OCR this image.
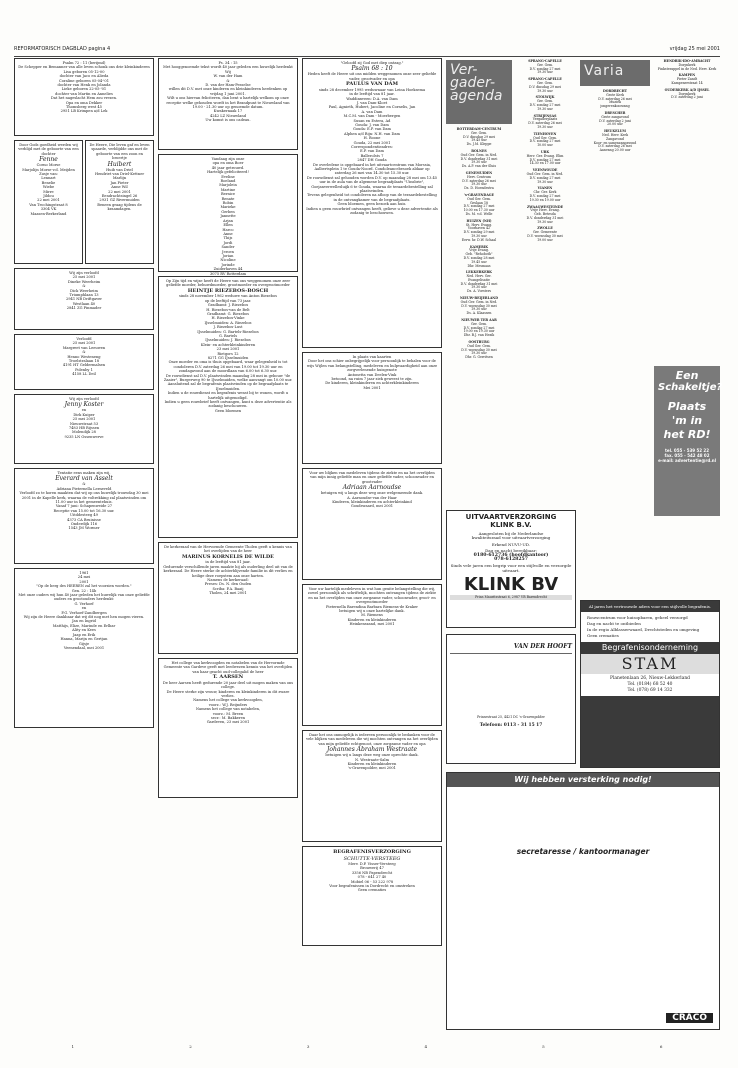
REFORMATORISCH DAGBLAD pagina 4	vrijdag 25 mei 2001
Psalm 72 : 11 (berijmd)
De Schepper en Bemanner van alle leven schonk ons drie kleinkinderen
Lisa geboren 05-12-00
dochter van Jaco en Alieda
Coraline geboren 05-04-'01
dochter van Henk en Jolanda
Lieke geboren 22-05-'01
dochter van Martin en Annelies
Dat het nageslacht Hem zou vrezen.
Opa en oma Dekker
Thomsberg west 45
2951 LB Krimpen a/d Lek
Door Gods goedheid werden wij verblijd met de geboorte van een dochter
Fenne
Corno Morse
Marjolijn Morse-v.d. Meijden
Zusje van:
Lennart
Benelie
Wiebe
Mirre
Jildou
22 mei 2001
Van Trochingstraat 8
3304 VK
Maasen-Berkerland
De Heere, Die leven gaf en leven spaarde, verblijdde ons met de geboorte van een zoon en broertje
Huibert
Huib van Driel
Hendriet van Driel-Kettner
Marlijn
Jan Pieter
Anne Wil
22 mei 2001
Eendrachtsingel 26
2931 GZ Rivermuiden
Beneen graag tijdens de kraamdagen.
Wij zijn verloofd
25 mei 2001
Dineke Weerheim
&
Dick Weerheim
Triumphlaan 13
2941 NB Driftgaver
Westlaan 40
2841 ZG Pinmader
Verloofd
25 mei 2001
Margreet van Leeuwen
&
Henno Westeneng
Troelstralaan 18
4191 HT Geldermalsen
Polenby 1
4158 LL Deil
Wij zijn verloofd
Jenny Koster
en
Dirk Kuiper
25 mei 2001
Nieuwstraat 53
7483 HB Rijssen
Molendijk 28
9235 LN Ossenwerve
Tentatie eens maken zijn wij,
Everard van Asselt
&
Adriana Pieternella Lerneveld
Verloofd zo te horen maakten dat wij op ons huwelijk trouwdag 30 mei 2001 in de Kapelle kerk, waarna de voltrekking zal plaatsvinden om 11.00 uur in het gemeentehuis.
Vanaf 7 juni: Schapenweide 27
Receptie van 15.00 tot 16.30 uur.
Uitddesteeg 49
4373 CA Bruinisse
Onderdijk 116
1543 JM Wormer
1961
24 mei
2001
"Op de berg des HEEREN zal het voorzien worden."
Gen. 22 : 14b
Met onze ouders wij hun 40 jaar geleden het huwelijk van onze geliefde ouders en grootouders herdenkt:
G. Verhoef
en
F.G. Verhoef-Zandbergen
Wij zijn de Heere dankbaar dat wij dit nog met hen mogen vieren.
Jan en Ingrid
Matthijs, Elize, Marinde en Erlbar
Ality en Kees
Jaap en Erik
Hanna, Marijn en Gertjan
Gijsje
Veenendaal, mei 2001
Ps. 34 : 15
Met hooggenoemde tekst wordt 40 jaar geleden een huwelijk herdenkt
Wij
W. van der Ham
&
D. van der Ham-Pesselse
willen dit D.V. met onze kinderen en kleinkinderen herdenken op vrijdag 1 juni 2001.
Wilt u ons hiervan feliciteren, dan bent u hartelijk welkom op onze receptie welke gehouden wordt in het Brandpunt te Nieuwland van 19.00 - 21.30 uur op genoemde datum.
Kwakernaak 17
4242 LZ Nieuwland
Uw komst is ons cadeau.
Vandaag zijn onze
opa en oma Boer
40 jaar getrouwd.
Hartelijk gefeliciteerd!
Eveline
Roeland
Marjolein
Martine
Bernice
Renate
Robin
Marieke
Gerben
Jannette
Arjan
Ellen
Harco
Anne
Thijs
Jordi
Sander
Jeroen
Jorian
Nicoline
Jorinde
Zuiderhaven 44
3075 RV Rotterdam
Op Zijn tijd en wijze heeft de Heere van ons weggenomen onze zeer geliefde moeder, behuwdmoeder, grootmoeder en overgrootmoeder
HEINTJE RIEZEBOS-BOSCH
sinds 28 november 1962 weduwe van Anton Riezebos
op de leeftijd van 73 jaar.
Gradbamt: J. Riezebos
H. Riezebos-van de Belt
Gradbamt: G. Riezebos
H. Riezebos-Vinke
IJsselmuiden: A. Riezebos
J. Riezebos-Lust
IJsselmuiden: G. Bartels-Riezebos
G. Bartels
IJsselmuiden: J. Riezebos
Klein- en achterkleinkinderen
23 mei 2001
Rietgors 12
8271 GG IJsselmuiden
Onze moeder en oma is thuis opgebaard, waar gelegenheid is tot condoleren D.V. zaterdag 26 mei van 19.00 tot 19.30 uur en zondagavond aan de moordlaan van 6.00 tot 6.30 uur.
De rouwdienst zal D.V. plaatsvinden maandag 28 mei in gebouw "de Zaaier", Burgerweg 90 te IJsselmuiden, welke aanvangt om 10.00 uur.
Aansluitend zal de begrafenis plaatsvinden op de begraafplaats te IJsselmuiden.
Indien u de rouwdienst en begrafenis wenst bij te wonen, wordt u hartelijk uitgenodigd.
Indien u geen rouwbrief heeft ontvangen, kunt u deze advertentie als zodanig beschouwen.
Geen bloemen
De kerkeraad van de Hervormde Gemeente Tholen geeft u kennis van het overlijden van de heer
MARINUS KORNELIS DE WILDE
in de leeftijd van 81 jaar.
Gedurende verschillende jaren maakte hij als ouderling deel uit van de kerkeraad. De Heere sterke de achterblijvende familie in dit verlies en heilige deze roepstem aan onze harten.
Namens de kerkeraad:
Preses: Ds. N. den Ouden
Scriba: P.A. Baaij
Tholen, 24 mei 2001
Het college van kerkvoogden en notabelen van de Hervormde Gemeente van Gardeve geeft met leedwezen kennis van het overlijden van haar geacht oud-collegalid de heer
T. AARSEN
De heer Aarsen heeft gedurende 20 jaar deel uit mogen maken van ons college.
De Heere sterke zijn vrouw, kinderen en kleinkinderen in dit zware verlies.
Namens het college van kerkvoogden,
voorz.: W.J. Reijnders
Namens het college van notabelen,
voorz.: M. Breen
secr.: M. Bakkeren
Gardeven, 23 mei 2001
"Geloofd zij God met diep ontzag."
Psalm 68 : 10
Heden heeft de Heere uit ons midden weggenomen onze zeer geliefde vader, grootvader en opa
PAULUS VAN DAM
sinds 28 december 1995 weduwnaar van Leina Hoeksema
in de leeftijd van 81 jaar.
Waddinxveen: D.A. van Dam
J. van Dam-Kloet
Paul, Agnieth, Hubert, Jacoline en Cornelis, Jan
A. van Dam
M.C.M. van Dam - Moerbergen
Susan en Estera, Ad
Gouda: J. van Dam
Gouda: E.P. van Dam
Alphen a/d Rijn: N.H. van Dam
H. Boone
Gouda, 22 mei 2001
Correspondentieadres:
E.P. van Dam
Ballerolsts 7
2847 DH Gouda
De overledene is opgebaard in het uitvaartcentrum van Morssia, Aalbertsplein 1 te Gouda-Noord. Condoleancebesoek aldaar op zaterdag 26 mei van 14.30 tot 15.30 uur.
De rouwdienst zal gehouden worden D.V. op maandag 28 mei om 13.45 uur in de aula van de algemene begraafplaats "Uinsbrie", Goejanverwellesluijk 6 te Gouda, waarna de teraardebestelling zal plaatsvinden.
Tevens gelegenheid tot condoleren na afloop van de teraardebestelling in de ontvangkamer van de begraafplaats.
Geen bloemen, geen bezoek aan huis.
Indien u geen rouwbrief ontvangen heeft, gelieve u deze advertentie als zodanig te beschouwen.
In plaats van kaarten
Door het ons schier onbegrijpelijk voor persoonlijk te behalen voor de wijs Wijlen van belangstelling, medeleven en hulpvaardigheid aan onze zorgverlenende huisgenote
Antonetta van Deelen-Vink
betoond, na ruim 7 jaar ziek geweest te zijn.
De kinderen, kleinkinderen en achterkleinkinderen
Mei 2001
Voor uw blijken van medeleven tijdens de ziekte en na het overlijden van mijn innig geliefde man en onze geliefde vader, schoonvader en grootvader
Adriaan Aarnoudse
betuigen wij u langs deze weg onze welgemeende dank.
A. Aarnoudse-van der Haar
Kinderen, kleinkinderen en achterkleinkind
Goudswaard, mei 2001
Voor uw hartelijk medeleven in wat hun geuite belangstelling die wij, zowel persoonlijk als schriftelijk, mochten ontvangen tijdens de ziekte en na het overlijden van onze zorgzame vader, schoonvader, groot- en overgrootmoeder
Pieternella Barendina Barbara Riemens-de Kraker
betuigen wij u onze hartelijke dank.
M. Riemens
Kinderen en kleinkinderen
Heinkenszand, mei 2001
Daar het ons onmogelijk is iedereen persoonlijk te bedanken voor de vele blijken van medeleven die wij mochten ontvangen na het overlijden van mijn geliefde echtgenoot, onze zorgzame vader en opa
Johannes Abraham Westraate
betuigen wij u langs deze weg onze oprechte dank.
N. Westraate-Salm
Kinderen en kleinkinderen
's-Gravenpolder, mei 2001
BEGRAFENISVERZORGING
SCHUTTE-VERSTEEG
Merv. D.P. Visser-Versteeg
Brouwerij 47
3356 NB Papendrecht
078 - 641 27 40
Mobiel 06 - 53 222 978
Voor begrafenissen in Dordrecht en omstreken
Geen crematies
Ver-gader-agenda
ROTTERDAM-CENTRUM
Ger. Gem.
D.V. dinsdag 29 mei
19.45 uur
Ds. J.M. Kleppe
BOLNES
Oud Ger. Gem. in Ned.
D.V. donderdag 31 mei
19.30 uur
Ds. A.P. van der Sluis
GENEMUIDEN
Herv. Centrum
D.V. zaterdag 26 mei
19.30 uur
Ds. D. Hoendestra
's-GRAVENDAGE
Oud Ger. Gem.
Geslaan 18
D.V. zondag 27 mei
10.00 en 17.30 uur
Ds. M. v.d. Welle
HUIZEN (NH)
St. Herv. Evang.
Voorhaven 42
D.V. zondag 29 mei
19.30 uur
Eerw. hr. D.W. Schaal
KAMERIK
Vrije Evang.
Geb. "Rehoboth"
D.V. zondag 28 mei
19.45 uur
Dhr. Mesmaas
LEKKERKERK
Ned. Herv. Ger.
Evangelisatie
D.V. donderdag 31 mei
19.30 uur
Ds. A. Vorsters
NIEUW-BEIJERLAND
Oud Ger. Gem. in Ned.
D.V. woensdag 30 mei
19.30 uur
Ds. A. Klaassen
NIEUWER TER AAR
Ger. Gem.
D.V. zondag 27 mei
19.00 en 19.30 uur
Dhr. B.J. van Hezik
OOSTBURG
Oud Ger. Gem.
D.V. woensdag 30 mei
19.30 uur
Dhr. G. Gerritsen
SPRANG-CAPELLE
Ger. Gem.
D.V. zondag 27 mei
19.30 uur
SPRANG-CAPELLE
Ger. Gem.
D.V. dinsdag 29 mei
19.30 uur
STOLWIJK
Ger. Gem.
D.V. zondag 27 mei
19.30 uur
STRIJENSAS
Vergaderplaats
D.V. zaterdag 26 mei
19.30 uur
TIENHOVEN
Oud Ger. Gem.
D.V. zondag 27 mei
10.00 uur
URK
Herv. Ger. Evang. Elim
D.V. zondag 27 mei
14.30 en 17.00 uur
VEENWOUDE
Oud Ger. Gem. in Ned.
D.V. zondag 27 mei
19.30 uur
VIANEN
Chr. Ger. Kerk
D.V. zondag 27 mei
19.30 en 19.00 uur
ZWAAGWESTEINDE
Vrije Herv. Evang.
Geb. Betesda
D.V. donderdag 31 mei
19.30 uur
ZWOLLE
Ger. Gemeente
D.V. woensdag 30 mei
19.00 uur
Varia
DORDRECHT
Grote Kerk
D.V. zaterdag 26 mei
Muziek
jongerenkoorzang
DRESCHER
Grote zangavond
D.V. zaterdag 2 juni
20.00 uur
HEUKELUM
Ned. Herv. Kerk
Zangavond
Koor- en samenzangavond
D.V. zaterdag 26 mei
Aanvang 20.00 uur
HENDRIK-IDO-AMBACHT
Dorpskerk
Pinksterappel in de Ned. Herv. Kerk
KAMPEN
Pieter Zandt
Kampenerstraat 14
OUDERKERK A/D IJSSEL
Dorpskerk
D.V. zaterdag 2 juni
Een
Schakeltje?
Plaats
'm in
het RD!
tel. 055 - 539 52 22
fax. 055 - 542 48 02
e-mail: advertentie@rd.nl
UITVAARTVERZORGING
KLINK B.V.
Aangesloten bij de Nederlandse
kwaliteitsraad voor uitvaartverzorging
Erkend NUVU-UD.
Dag en nacht bereikbaar:
0180-612736 (hoofdkantoor)
078-6128257
Sinds vele jaren een begrip voor een stijlvolle en verzorgde uitvaart.
KLINK BV
Prins Mauritsstraat 6, 2987 VB Barendrecht
VAN DER HOOFT
Prinsestraat 25, 4421 DC 's-Gravenpolder
Telefoon: 0113 - 31 15 17
Al jaren het vertrouwde adres voor een stijlvolle begrafenis.
Rouwcentrum voor huisopbaren, geheel verzorgd
Dag en nacht te ontbieden
In de regio Alblasserwaard, Drechtsteden en omgeving
Geen crematies
Begrafenisonderneming
STAM
Planetenlaan 26, Nieuw-Lekkerland
Tel. (0184) 68 52 40
Tel. (078) 69 14 332
Wij hebben versterking nodig!
secretaresse / kantoormanager
CRACO
1	2	3	4	5	6
